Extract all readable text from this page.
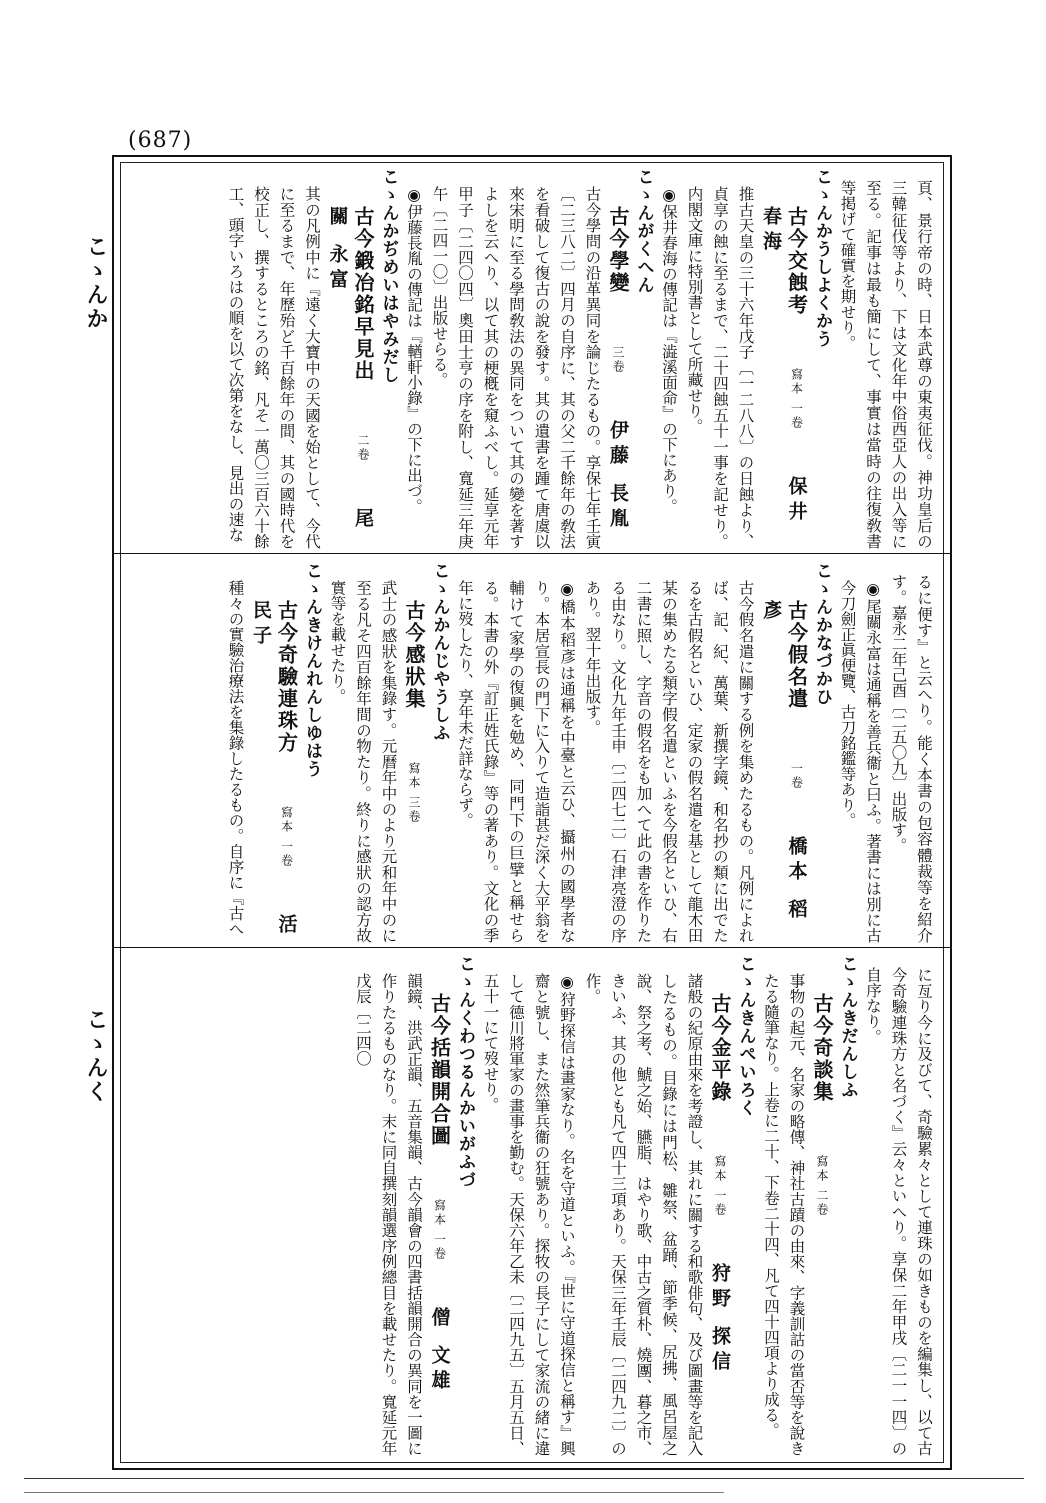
(687)
こゝんか
こゝんく

頁、景行帝の時、日本武尊の東夷征伐。神功皇后の三韓征伐等より、下は文化年中俗西亞人の出入等に至る。記事は最も簡にして、事實は當時の往復敎書等掲げて確實を期せり。

こゝんかうしよくかう

古今交蝕考　寫本 一卷　保井 春海

推古天皇の三十六年戊子〔一二八八〕の日蝕より、貞享の蝕に至るまで、二十四蝕五十一事を記せり。内閣文庫に特別書として所藏せり。

◉保井春海の傳記は『澁溪面命』の下にあり。

こゝんがくへん

古今學變　三卷　伊藤 長胤

古今學問の沿革異同を論じたるもの。享保七年壬寅〔二三八二〕四月の自序に、其の父二千餘年の敎法を看破して復古の說を發す。其の遺書を踵て唐虞以來宋明に至る學問敎法の異同をついて其の變を著すよしを云へり、以て其の梗槪を窺ふべし。延享元年甲子〔二四〇四〕奧田士亨の序を附し、寬延三年庚午〔二四一〇〕出版せらる。

◉伊藤長胤の傳記は『輶軒小錄』の下に出づ。

こゝんかぢめいはやみだし

古今鍛冶銘早見出　二卷　尾關 永富

其の凡例中に『遠く大寶中の天國を始として、今代に至るまで、年歷殆ど千百餘年の間、其の國時代を校正し、撰するところの銘、凡そ一萬〇三百六十餘工、頭字いろはの順を以て次第をなし、見出の速な

るに便す』と云へり。能く本書の包容體裁等を紹介す。嘉永二年己酉〔二五〇九〕出版す。

◉尾關永富は通稱を善兵衞と曰ふ。著書には別に古今刀劍正眞便覽、古刀銘鑑等あり。

こゝんかなづかひ

古今假名遣　一卷　橋本 稻彥

古今假名遣に關する例を集めたるもの。凡例によれば、記、紀、萬葉、新撰字鏡、和名抄の類に出でたるを古假名といひ、定家の假名遣を基として龍木田某の集めたる類字假名遣といふを今假名といひ、右二書に照し、字音の假名をも加へて此の書を作りたる由なり。文化九年壬申〔二四七二〕石津亮澄の序あり。翌十年出版す。

◉橋本稻彥は通稱を中臺と云ひ、攝州の國學者なり。本居宣長の門下に入りて造詣甚だ深く大平翁を輔けて家學の復興を勉め、同門下の巨擘と稱せらる。本書の外『訂正姓氏錄』等の著あり。文化の季年に歿したり、享年未だ詳ならず。

こゝんかんじやうしふ

古今感狀集　寫本 三卷

武士の感狀を集錄す。元曆年中のより元和年中のに至る凡そ四百餘年間の物たり。終りに感狀の認方故實等を載せたり。

こゝんきけんれんしゆはう

古今奇驗連珠方　寫本 一卷　活 民子

種々の實驗治療法を集錄したるもの。自序に『古へ

に亙り今に及びて、奇驗累々として連珠の如きものを編集し、以て古今奇驗連珠方と名づく』云々といへり。享保二年甲戌〔二一一四〕の自序なり。

こゝんきだんしふ

古今奇談集　寫本 二卷

事物の起元、名家の略傳、神社古蹟の由來、字義訓詁の當否等を說きたる隨筆なり。上卷に二十、下卷二十四、凡て四十四項より成る。

こゝんきんぺいろく

古今金平錄　寫本 一卷　狩野 探信

諸般の紀原由來を考證し、其れに關する和歌俳句、及び圖畫等を記入したるもの。目錄には門松、雛祭、盆踊、節季候、尻拂、風呂屋之說、祭之考、鯱之始、臙脂、はやり歌、中古之質朴、燒團、暮之市、きいふ、其の他とも凡て四十三項あり。天保三年壬辰〔二四九二〕の作。

◉狩野探信は畫家なり。名を守道といふ。『世に守道探信と稱す』興齋と號し、また然筆兵衞の狂號あり。探牧の長子にして家流の緒に違して德川將軍家の畫事を勤む。天保六年乙未〔二四九五〕五月五日、五十一にて歿せり。

こゝんくわつるんかいがふづ

古今括韻開合圖　寫本 一卷　僧 文雄

韻鏡、洪武正韻、五音集韻、古今韻會の四書括韻開合の異同を一圖に作りたるものなり。末に同自撰刻韻選序例總目を載せたり。寬延元年戊辰〔二四〇
